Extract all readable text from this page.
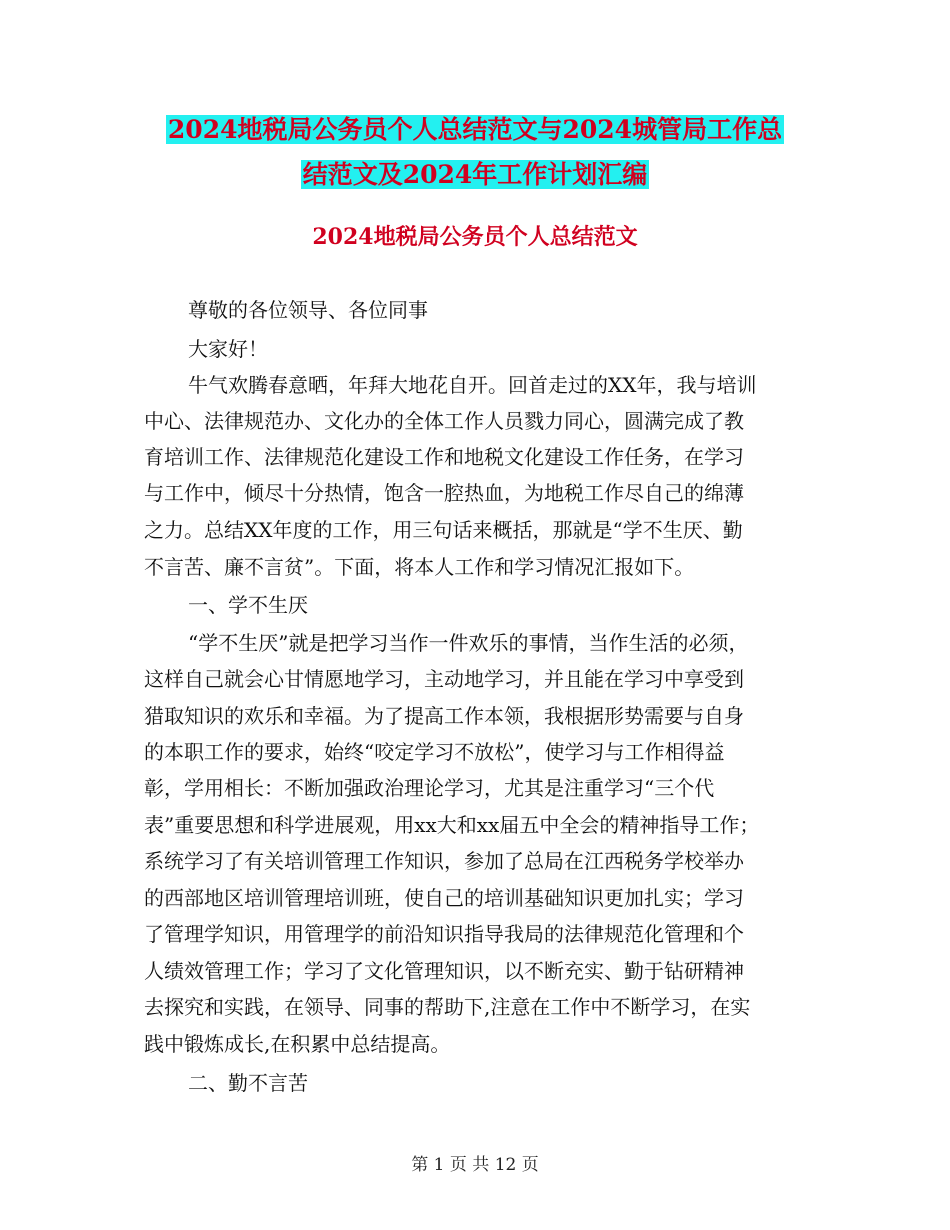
2024地税局公务员个人总结范文与2024城管局工作总
结范文及2024年工作计划汇编
2024地税局公务员个人总结范文
尊敬的各位领导、各位同事
大家好！
牛气欢腾春意晒，年拜大地花自开。回首走过的XX年，我与培训
中心、法律规范办、文化办的全体工作人员戮力同心，圆满完成了教
育培训工作、法律规范化建设工作和地税文化建设工作任务，在学习
与工作中，倾尽十分热情，饱含一腔热血，为地税工作尽自己的绵薄
之力。总结XX年度的工作，用三句话来概括，那就是“学不生厌、勤
不言苦、廉不言贫”。下面，将本人工作和学习情况汇报如下。
一、学不生厌
“学不生厌”就是把学习当作一件欢乐的事情，当作生活的必须，
这样自己就会心甘情愿地学习，主动地学习，并且能在学习中享受到
猎取知识的欢乐和幸福。为了提高工作本领，我根据形势需要与自身
的本职工作的要求，始终“咬定学习不放松”，使学习与工作相得益
彰，学用相长：不断加强政治理论学习，尤其是注重学习“三个代
表”重要思想和科学进展观，用xx大和xx届五中全会的精神指导工作；
系统学习了有关培训管理工作知识，参加了总局在江西税务学校举办
的西部地区培训管理培训班，使自己的培训基础知识更加扎实；学习
了管理学知识，用管理学的前沿知识指导我局的法律规范化管理和个
人绩效管理工作；学习了文化管理知识，以不断充实、勤于钻研精神
去探究和实践，在领导、同事的帮助下,注意在工作中不断学习，在实
践中锻炼成长,在积累中总结提高。
二、勤不言苦
第 1 页 共 12 页
